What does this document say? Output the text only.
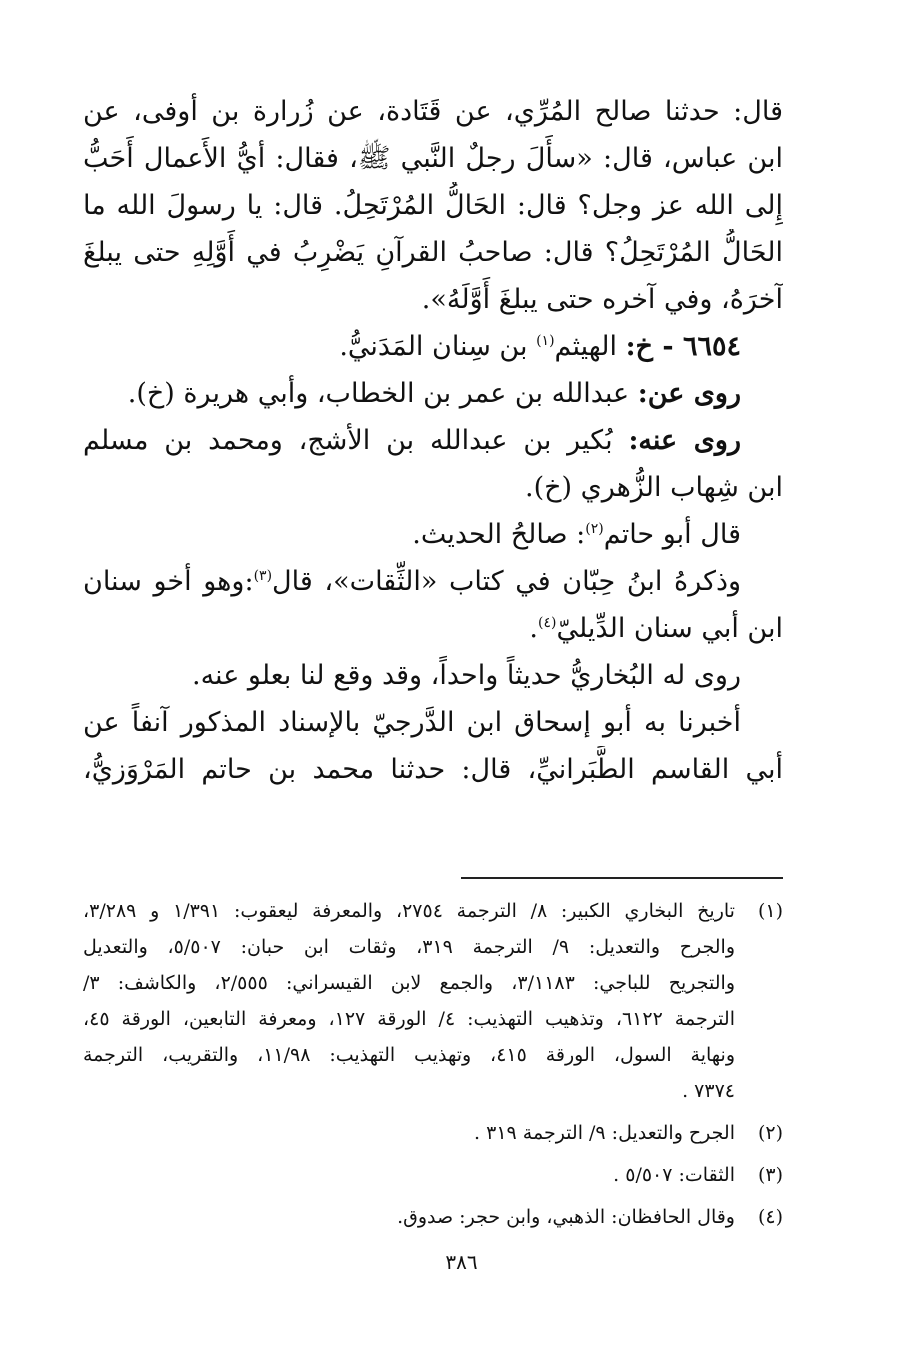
قال: حدثنا صالح المُرِّي، عن قَتَادة، عن زُرارة بن أوفى، عن
ابن عباس، قال: «سأَلَ رجلٌ النَّبي ﷺ، فقال: أيُّ الأَعمال أَحَبُّ
إِلى الله عز وجل؟ قال: الحَالُّ المُرْتَحِلُ. قال: يا رسولَ الله ما
الحَالُّ المُرْتَحِلُ؟ قال: صاحبُ القرآنِ يَضْرِبُ في أَوَّلِهِ حتى يبلغَ
آخرَهُ، وفي آخره حتى يبلغَ أَوَّلَهُ».
٦٦٥٤ - خ: الهيثم$^{(١)}$ بن سِنان المَدَنيُّ.
روى عن: عبدالله بن عمر بن الخطاب، وأبي هريرة (خ).
روى عنه: بُكير بن عبدالله بن الأشج، ومحمد بن مسلم
ابن شِهاب الزُّهري (خ).
قال أبو حاتم$^{(٢)}$: صالحُ الحديث.
وذكرهُ ابنُ حِبّان في كتاب «الثِّقات»، قال$^{(٣)}$:وهو أخو سنان
ابن أبي سنان الدِّيليّ$^{(٤)}$.
روى له البُخاريُّ حديثاً واحداً، وقد وقع لنا بعلو عنه.
أخبرنا به أبو إسحاق ابن الدَّرجيّ بالإسناد المذكور آنفاً عن
أبي القاسم الطَّبَرانيِّ، قال: حدثنا محمد بن حاتم المَرْوَزيُّ،
(١)
تاريخ البخاري الكبير: ٨/ الترجمة ٢٧٥٤، والمعرفة ليعقوب: ١/٣٩١ و ٣/٢٨٩،
والجرح والتعديل: ٩/ الترجمة ٣١٩، وثقات ابن حبان: ٥/٥٠٧، والتعديل
والتجريح للباجي: ٣/١١٨٣، والجمع لابن القيسراني: ٢/٥٥٥، والكاشف: ٣/
الترجمة ٦١٢٢، وتذهيب التهذيب: ٤/ الورقة ١٢٧، ومعرفة التابعين، الورقة ٤٥،
ونهاية السول، الورقة ٤١٥، وتهذيب التهذيب: ١١/٩٨، والتقريب، الترجمة
٧٣٧٤ .
(٢)
الجرح والتعديل: ٩/ الترجمة ٣١٩ .
(٣)
الثقات: ٥/٥٠٧ .
(٤)
وقال الحافظان: الذهبي، وابن حجر: صدوق.
٣٨٦
